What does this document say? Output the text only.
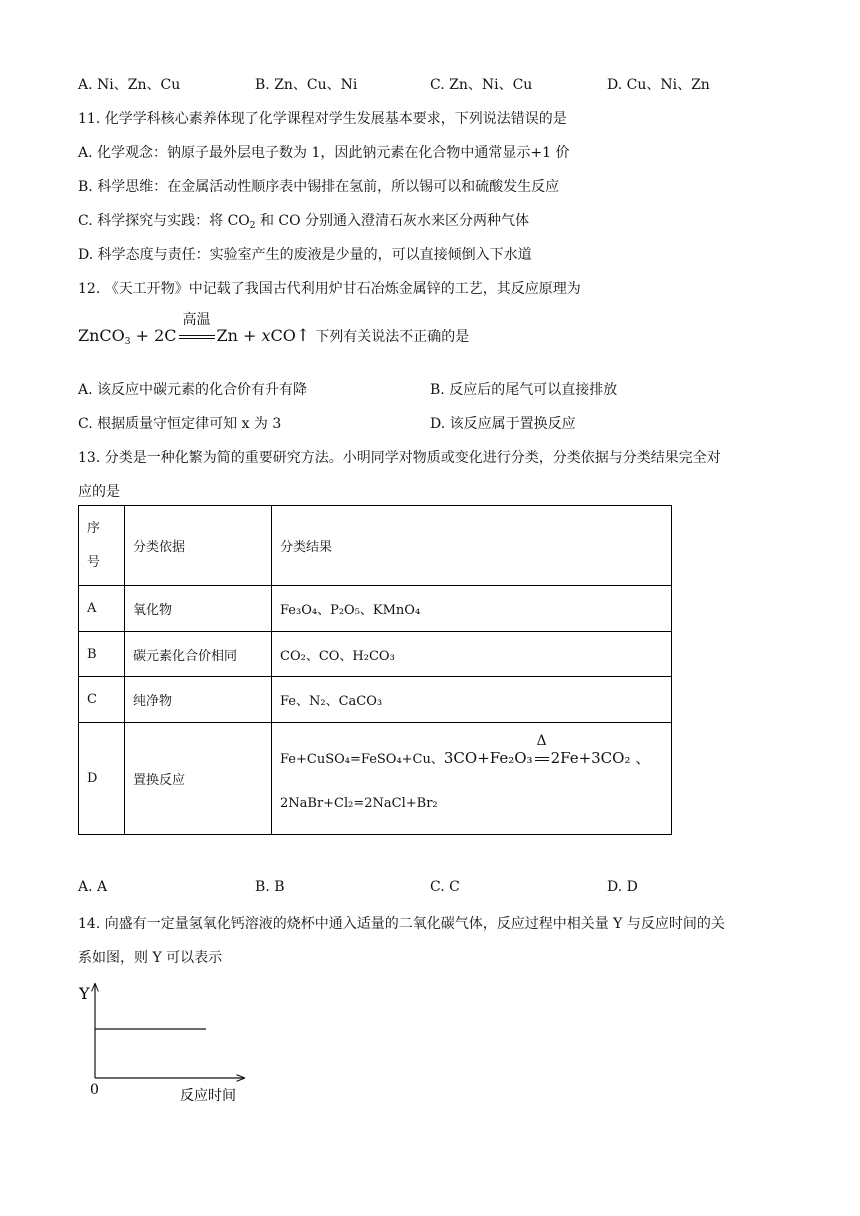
A. Ni、Zn、Cu	B. Zn、Cu、Ni	C. Zn、Ni、Cu	D. Cu、Ni、Zn
11. 化学学科核心素养体现了化学课程对学生发展基本要求，下列说法错误的是
A. 化学观念：钠原子最外层电子数为 1，因此钠元素在化合物中通常显示+1 价
B. 科学思维：在金属活动性顺序表中锡排在氢前，所以锡可以和硫酸发生反应
C. 科学探究与实践：将 $CO_2$ 和 CO 分别通入澄清石灰水来区分两种气体
D. 科学态度与责任：实验室产生的废液是少量的，可以直接倾倒入下水道
12. 《天工开物》中记载了我国古代利用炉甘石冶炼金属锌的工艺，其反应原理为
ZnCO$_3$ + 2C
高温
Zn + xCO↑ 下列有关说法不正确的是
A. 该反应中碳元素的化合价有升有降	B. 反应后的尾气可以直接排放
C. 根据质量守恒定律可知 x 为 3	D. 该反应属于置换反应
13. 分类是一种化繁为简的重要研究方法。小明同学对物质或变化进行分类，分类依据与分类结果完全对
应的是
序
号	分类依据	分类结果
A	氧化物	Fe₃O₄、P₂O₅、KMnO₄
B	碳元素化合价相同	CO₂、CO、H₂CO₃
C	纯净物	Fe、N₂、CaCO₃
D	置换反应	Fe+CuSO₄=FeSO₄+Cu、3CO+Fe₂O₃
Δ
2Fe+3CO₂ 、
2NaBr+Cl₂=2NaCl+Br₂
A. A	B. B	C. C	D. D
14. 向盛有一定量氢氧化钙溶液的烧杯中通入适量的二氧化碳气体，反应过程中相关量 Y 与反应时间的关
系如图，则 Y 可以表示
Y
0	反应时间
